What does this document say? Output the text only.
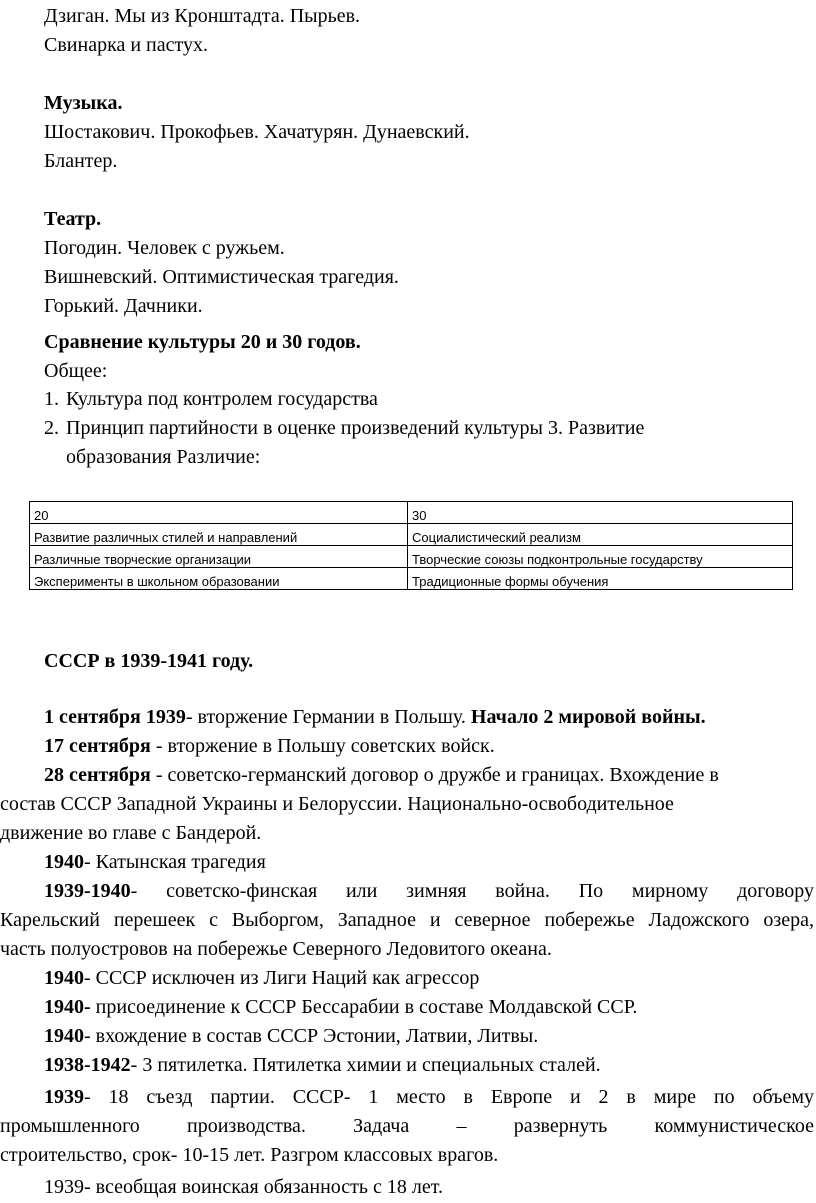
Дзиган. Мы из Кронштадта. Пырьев.
Свинарка и пастух.
Музыка.
Шостакович. Прокофьев. Хачатурян. Дунаевский.
Блантер.
Театр.
Погодин. Человек с ружьем.
Вишневский. Оптимистическая трагедия.
Горький. Дачники.
Сравнение культуры 20 и 30 годов.
Общее:
1. Культура под контролем государства
2. Принцип партийности в оценке произведений культуры 3. Развитие
образования Различие:
20	30
Развитие различных стилей и направлений	Социалистический реализм
Различные творческие организации	Творческие союзы подконтрольные государству
Эксперименты в школьном образовании	Традиционные формы обучения
СССР в 1939-1941 году.
1 сентября 1939- вторжение Германии в Польшу. Начало 2 мировой войны.
17 сентября - вторжение в Польшу советских войск.
28 сентября - советско-германский договор о дружбе и границах. Вхождение в
состав СССР Западной Украины и Белоруссии. Национально-освободительное
движение во главе с Бандерой.
1940- Катынская трагедия
1939-1940- советско-финская или зимняя война. По мирному договору
Карельский перешеек с Выборгом, Западное и северное побережье Ладожского озера,
часть полуостровов на побережье Северного Ледовитого океана.
1940- СССР исключен из Лиги Наций как агрессор
1940- присоединение к СССР Бессарабии в составе Молдавской ССР.
1940- вхождение в состав СССР Эстонии, Латвии, Литвы.
1938-1942- 3 пятилетка. Пятилетка химии и специальных сталей.
1939- 18 съезд партии. СССР- 1 место в Европе и 2 в мире по объему
промышленного производства. Задача – развернуть коммунистическое
строительство, срок- 10-15 лет. Разгром классовых врагов.
1939- всеобщая воинская обязанность с 18 лет.
